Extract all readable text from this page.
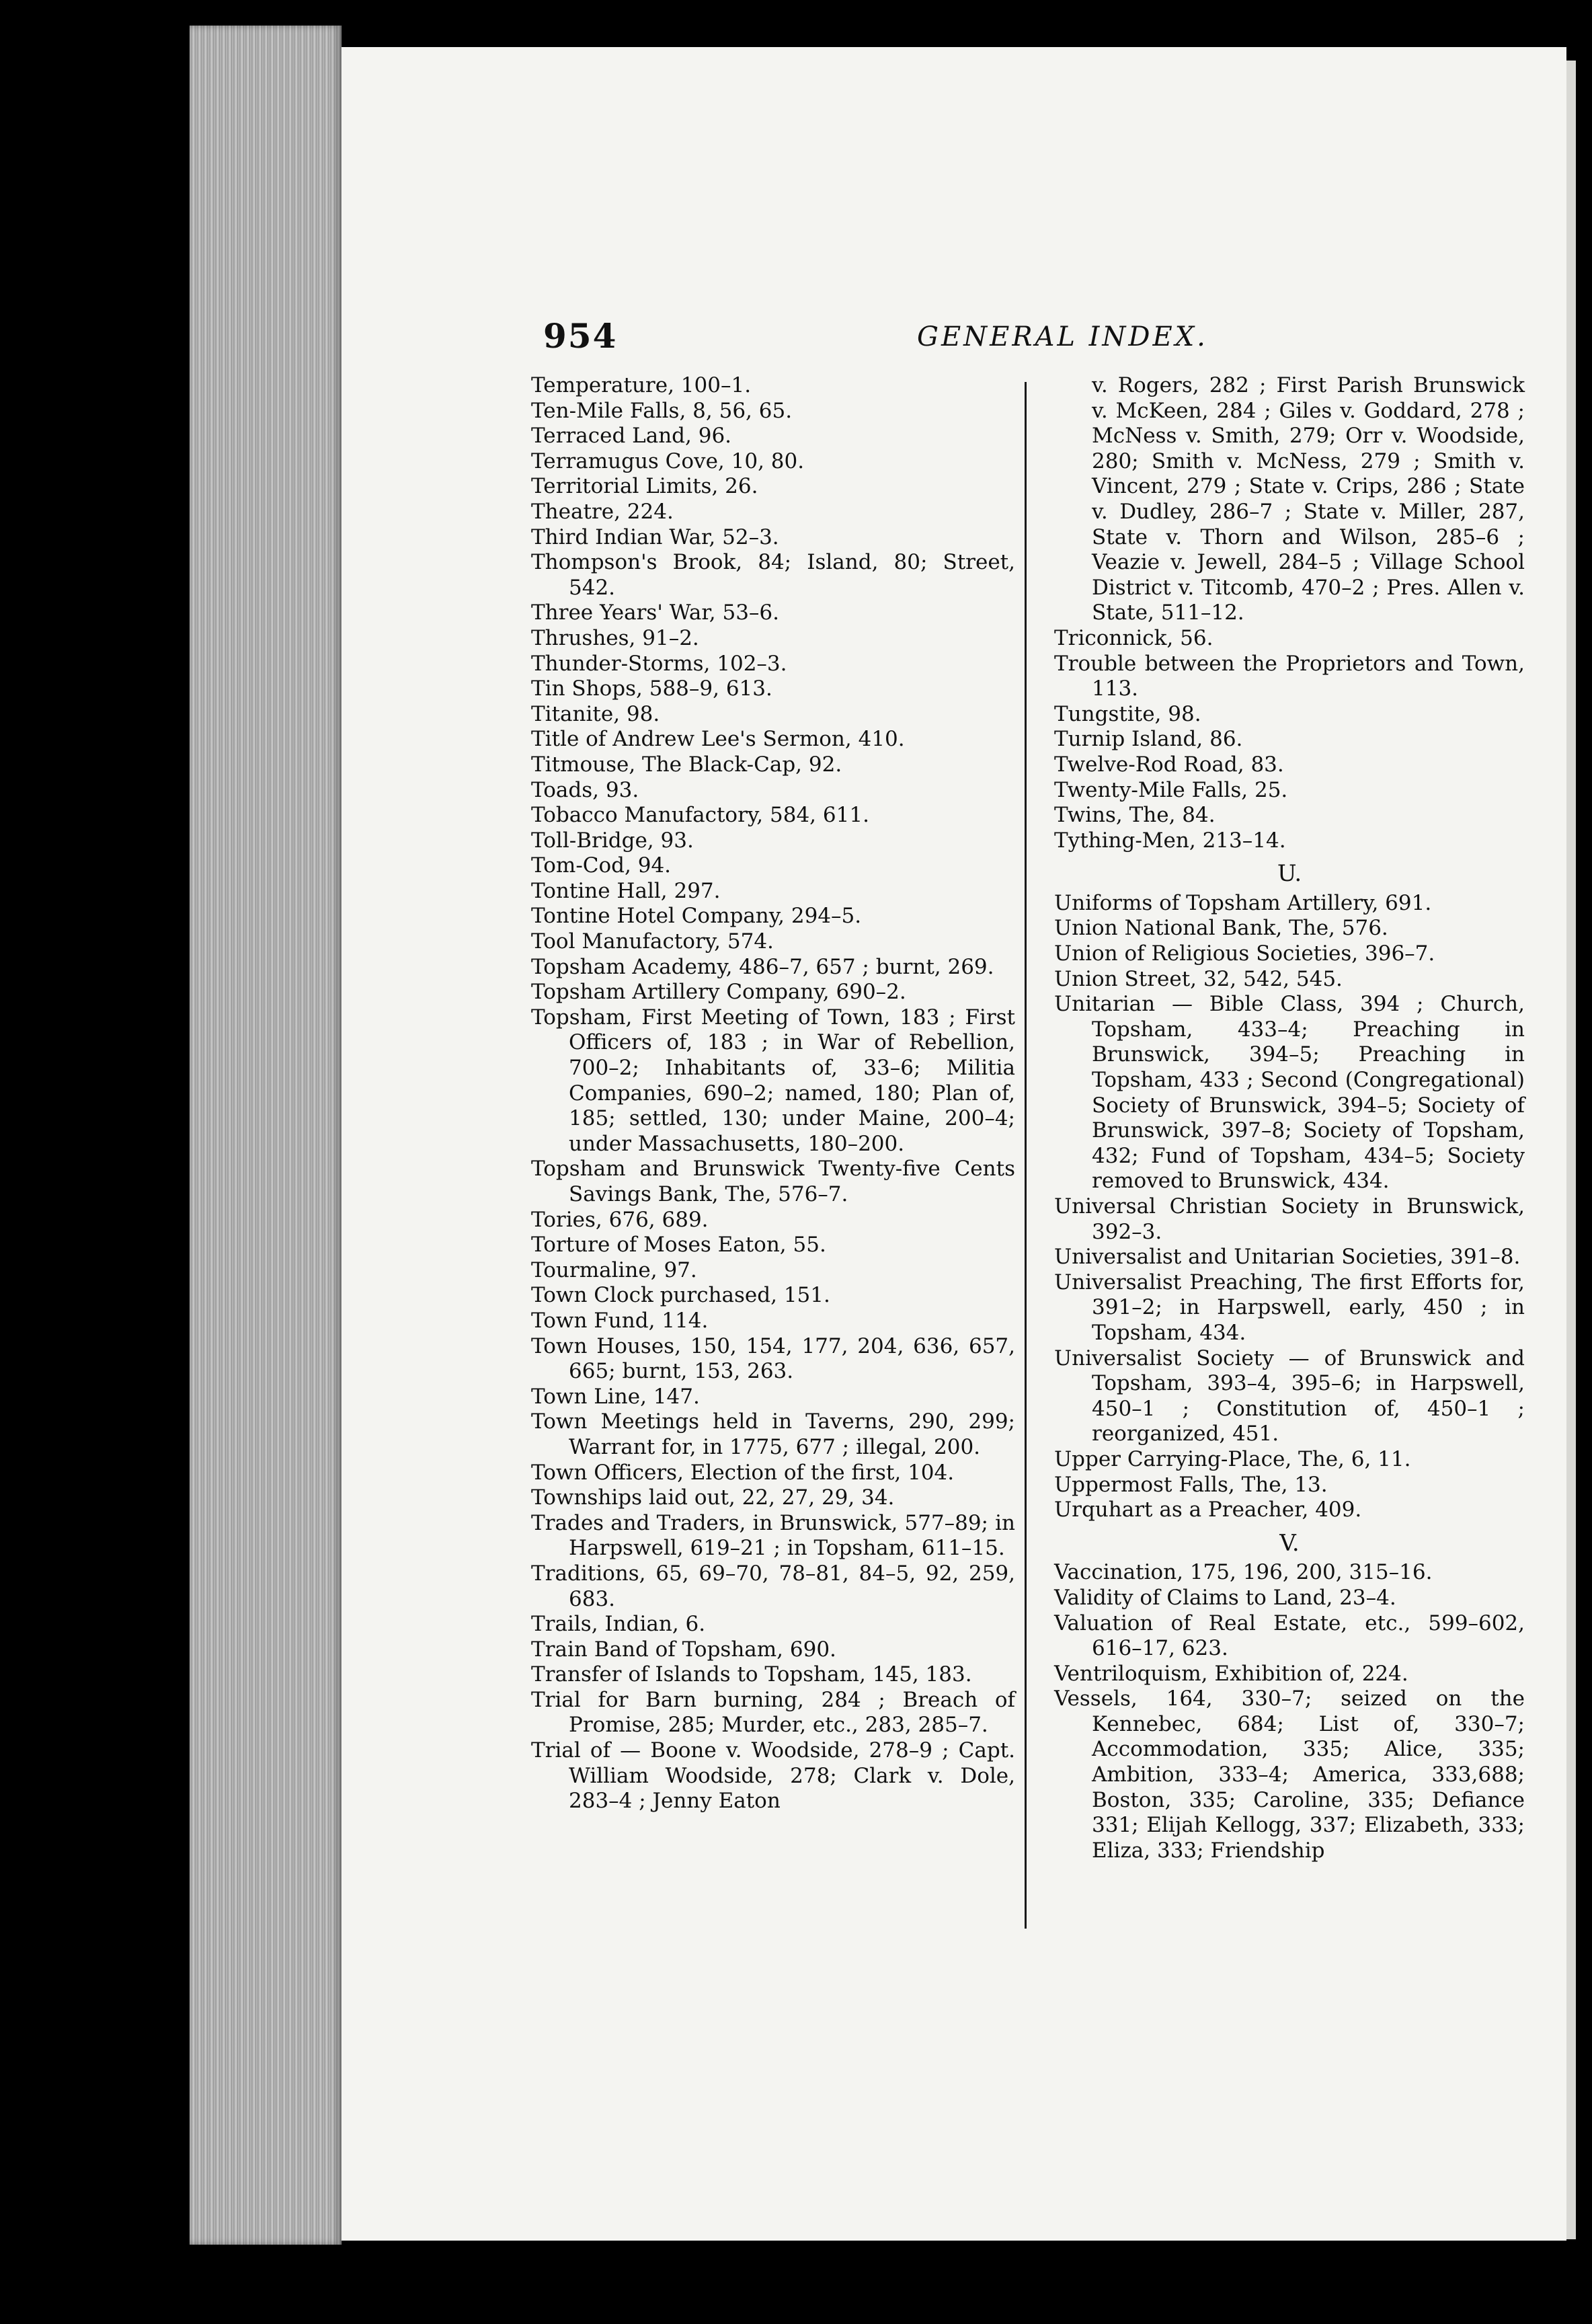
954	GENERAL INDEX.

Temperature, 100–1.

Ten-Mile Falls, 8, 56, 65.

Terraced Land, 96.

Terramugus Cove, 10, 80.

Territorial Limits, 26.

Theatre, 224.

Third Indian War, 52–3.

Thompson's Brook, 84; Island, 80; Street, 542.

Three Years' War, 53–6.

Thrushes, 91–2.

Thunder-Storms, 102–3.

Tin Shops, 588–9, 613.

Titanite, 98.

Title of Andrew Lee's Sermon, 410.

Titmouse, The Black-Cap, 92.

Toads, 93.

Tobacco Manufactory, 584, 611.

Toll-Bridge, 93.

Tom-Cod, 94.

Tontine Hall, 297.

Tontine Hotel Company, 294–5.

Tool Manufactory, 574.

Topsham Academy, 486–7, 657 ; burnt, 269.

Topsham Artillery Company, 690–2.

Topsham, First Meeting of Town, 183 ; First Officers of, 183 ; in War of Rebellion, 700–2; Inhabitants of, 33–6; Militia Companies, 690–2; named, 180; Plan of, 185; settled, 130; under Maine, 200–4; under Massachusetts, 180–200.

Topsham and Brunswick Twenty-five Cents Savings Bank, The, 576–7.

Tories, 676, 689.

Torture of Moses Eaton, 55.

Tourmaline, 97.

Town Clock purchased, 151.

Town Fund, 114.

Town Houses, 150, 154, 177, 204, 636, 657, 665; burnt, 153, 263.

Town Line, 147.

Town Meetings held in Taverns, 290, 299; Warrant for, in 1775, 677 ; illegal, 200.

Town Officers, Election of the first, 104.

Townships laid out, 22, 27, 29, 34.

Trades and Traders, in Brunswick, 577–89; in Harpswell, 619–21 ; in Topsham, 611–15.

Traditions, 65, 69–70, 78–81, 84–5, 92, 259, 683.

Trails, Indian, 6.

Train Band of Topsham, 690.

Transfer of Islands to Topsham, 145, 183.

Trial for Barn burning, 284 ; Breach of Promise, 285; Murder, etc., 283, 285–7.

Trial of — Boone v. Woodside, 278–9 ; Capt. William Woodside, 278; Clark v. Dole, 283–4 ; Jenny Eaton

v. Rogers, 282 ; First Parish Brunswick v. McKeen, 284 ; Giles v. Goddard, 278 ; McNess v. Smith, 279; Orr v. Woodside, 280; Smith v. McNess, 279 ; Smith v. Vincent, 279 ; State v. Crips, 286 ; State v. Dudley, 286–7 ; State v. Miller, 287, State v. Thorn and Wilson, 285–6 ; Veazie v. Jewell, 284–5 ; Village School District v. Titcomb, 470–2 ; Pres. Allen v. State, 511–12.

Triconnick, 56.

Trouble between the Proprietors and Town, 113.

Tungstite, 98.

Turnip Island, 86.

Twelve-Rod Road, 83.

Twenty-Mile Falls, 25.

Twins, The, 84.

Tything-Men, 213–14.

U.

Uniforms of Topsham Artillery, 691.

Union National Bank, The, 576.

Union of Religious Societies, 396–7.

Union Street, 32, 542, 545.

Unitarian — Bible Class, 394 ; Church, Topsham, 433–4; Preaching in Brunswick, 394–5; Preaching in Topsham, 433 ; Second (Congregational) Society of Brunswick, 394–5; Society of Brunswick, 397–8; Society of Topsham, 432; Fund of Topsham, 434–5; Society removed to Brunswick, 434.

Universal Christian Society in Brunswick, 392–3.

Universalist and Unitarian Societies, 391–8.

Universalist Preaching, The first Efforts for, 391–2; in Harpswell, early, 450 ; in Topsham, 434.

Universalist Society — of Brunswick and Topsham, 393–4, 395–6; in Harpswell, 450–1 ; Constitution of, 450–1 ; reorganized, 451.

Upper Carrying-Place, The, 6, 11.

Uppermost Falls, The, 13.

Urquhart as a Preacher, 409.

V.

Vaccination, 175, 196, 200, 315–16.

Validity of Claims to Land, 23–4.

Valuation of Real Estate, etc., 599–602, 616–17, 623.

Ventriloquism, Exhibition of, 224.

Vessels, 164, 330–7; seized on the Kennebec, 684; List of, 330–7; Accommodation, 335; Alice, 335; Ambition, 333–4; America, 333,688; Boston, 335; Caroline, 335; Defiance 331; Elijah Kellogg, 337; Elizabeth, 333; Eliza, 333; Friendship
